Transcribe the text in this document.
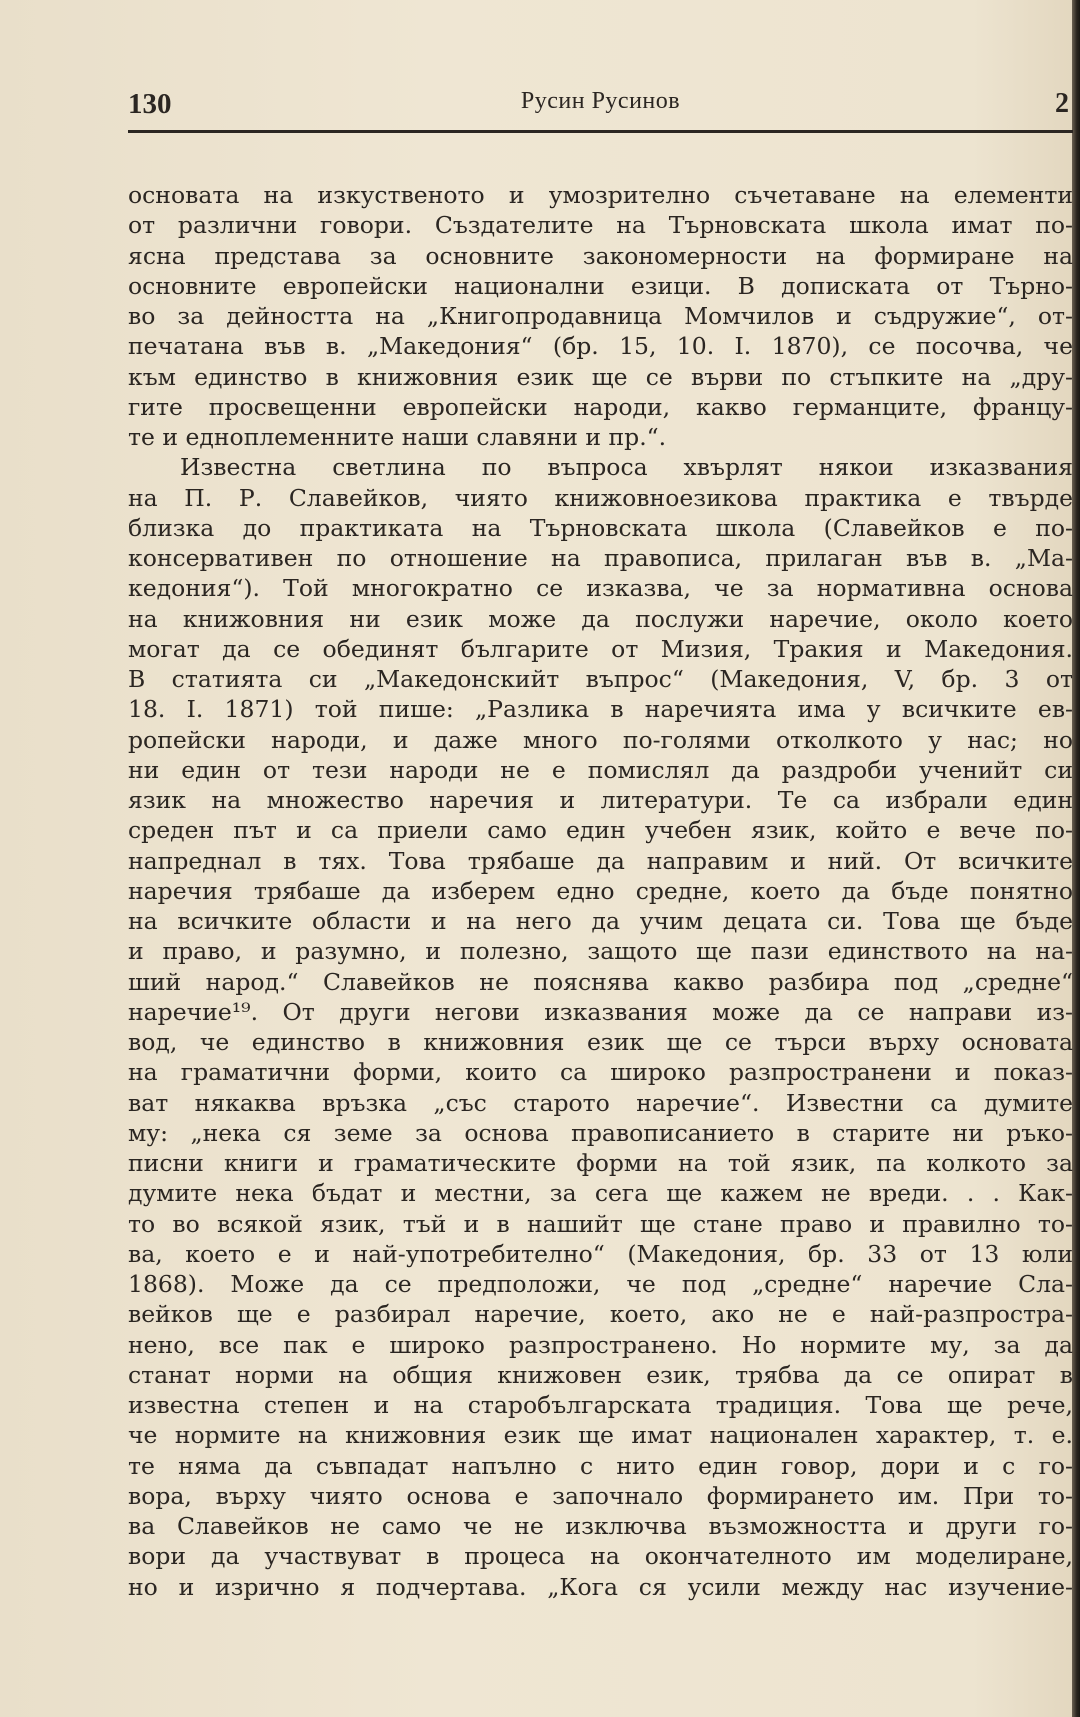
130	Русин Русинов	2
основата на изкуственото и умозрително съчетаване на елементи
от различни говори. Създателите на Търновската школа имат по-
ясна представа за основните закономерности на формиране на
основните европейски национални езици. В дописката от Търно-
во за дейността на „Книгопродавница Момчилов и съдружие“, от-
печатана във в. „Македония“ (бр. 15, 10. I. 1870), се посочва, че
към единство в книжовния език ще се върви по стъпките на „дру-
гите просвещенни европейски народи, какво германците, францу-
те и едноплеменните наши славяни и пр.“.
Известна светлина по въпроса хвърлят някои изказвания
на П. Р. Славейков, чиято книжовноезикова практика е твърде
близка до практиката на Търновската школа (Славейков е по-
консервативен по отношение на правописа, прилаган във в. „Ма-
кедония“). Той многократно се изказва, че за нормативна основа
на книжовния ни език може да послужи наречие, около което
могат да се обединят българите от Мизия, Тракия и Македония.
В статията си „Македонскийт въпрос“ (Македония, V, бр. 3 от
18. I. 1871) той пише: „Разлика в наречията има у всичките ев-
ропейски народи, и даже много по-голями отколкото у нас; но
ни един от тези народи не е помислял да раздроби ученийт си
язик на множество наречия и литератури. Те са избрали един
среден път и са приели само един учебен язик, който е вече по-
напреднал в тях. Това трябаше да направим и ний. От всичките
наречия трябаше да изберем едно средне, което да бъде понятно
на всичките области и на него да учим децата си. Това ще бъде
и право, и разумно, и полезно, защото ще пази единството на на-
ший народ.“ Славейков не пояснява какво разбира под „средне“
наречие¹⁹. От други негови изказвания може да се направи из-
вод, че единство в книжовния език ще се търси върху основата
на граматични форми, които са широко разпространени и показ-
ват някаква връзка „със старото наречие“. Известни са думите
му: „нека ся земе за основа правописанието в старите ни ръко-
писни книги и граматическите форми на той язик, па колкото за
думите нека бъдат и местни, за сега ще кажем не вреди. . . Как-
то во всякой язик, тъй и в нашийт ще стане право и правилно то-
ва, което е и най-употребително“ (Македония, бр. 33 от 13 юли
1868). Може да се предположи, че под „средне“ наречие Сла-
вейков ще е разбирал наречие, което, ако не е най-разпростра-
нено, все пак е широко разпространено. Но нормите му, за да
станат норми на общия книжовен език, трябва да се опират в
известна степен и на старобългарската традиция. Това ще рече,
че нормите на книжовния език ще имат национален характер, т. е.
те няма да съвпадат напълно с нито един говор, дори и с го-
вора, върху чиято основа е започнало формирането им. При то-
ва Славейков не само че не изключва възможността и други го-
вори да участвуват в процеса на окончателното им моделиране,
но и изрично я подчертава. „Кога ся усили между нас изучение-
